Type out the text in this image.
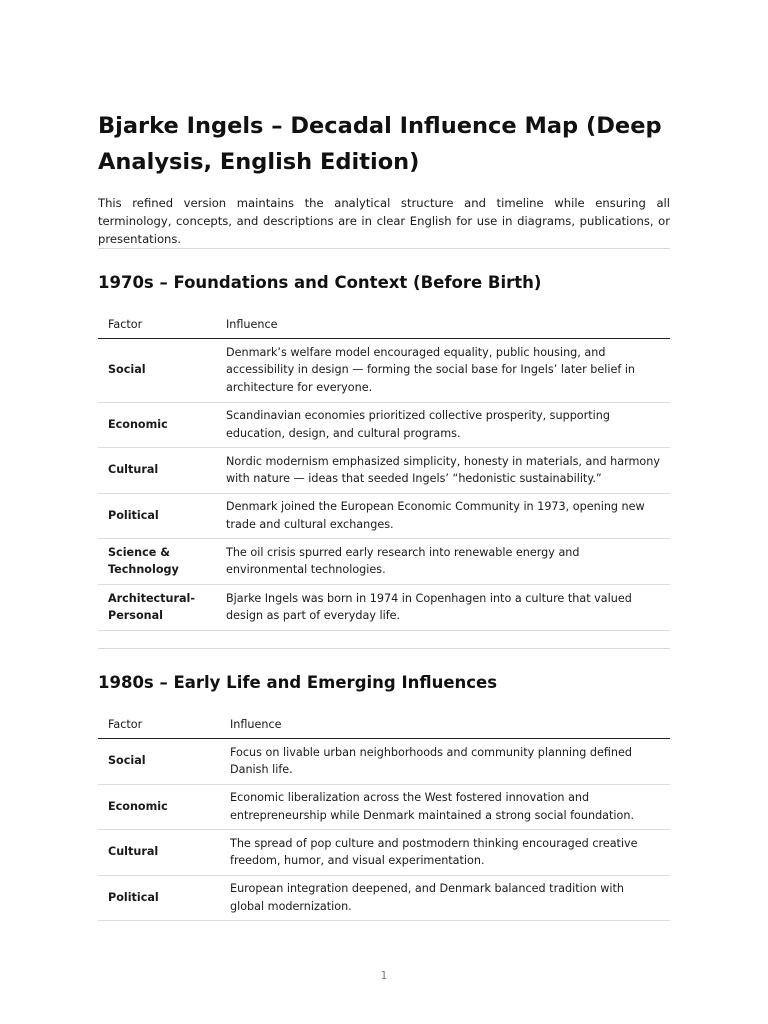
Bjarke Ingels – Decadal Influence Map (Deep Analysis, English Edition)

This refined version maintains the analytical structure and timeline while ensuring all terminology, concepts, and descriptions are in clear English for use in diagrams, publications, or presentations.

1970s – Foundations and Context (Before Birth)
Factor	Influence
Social	Denmark’s welfare model encouraged equality, public housing, and accessibility in design — forming the social base for Ingels’ later belief in architecture for everyone.
Economic	Scandinavian economies prioritized collective prosperity, supporting education, design, and cultural programs.
Cultural	Nordic modernism emphasized simplicity, honesty in materials, and harmony with nature — ideas that seeded Ingels’ “hedonistic sustainability.”
Political	Denmark joined the European Economic Community in 1973, opening new trade and cultural exchanges.
Science & Technology	The oil crisis spurred early research into renewable energy and environmental technologies.
Architectural-Personal	Bjarke Ingels was born in 1974 in Copenhagen into a culture that valued design as part of everyday life.
1980s – Early Life and Emerging Influences
Factor	Influence
Social	Focus on livable urban neighborhoods and community planning defined Danish life.
Economic	Economic liberalization across the West fostered innovation and entrepreneurship while Denmark maintained a strong social foundation.
Cultural	The spread of pop culture and postmodern thinking encouraged creative freedom, humor, and visual experimentation.
Political	European integration deepened, and Denmark balanced tradition with global modernization.
1
